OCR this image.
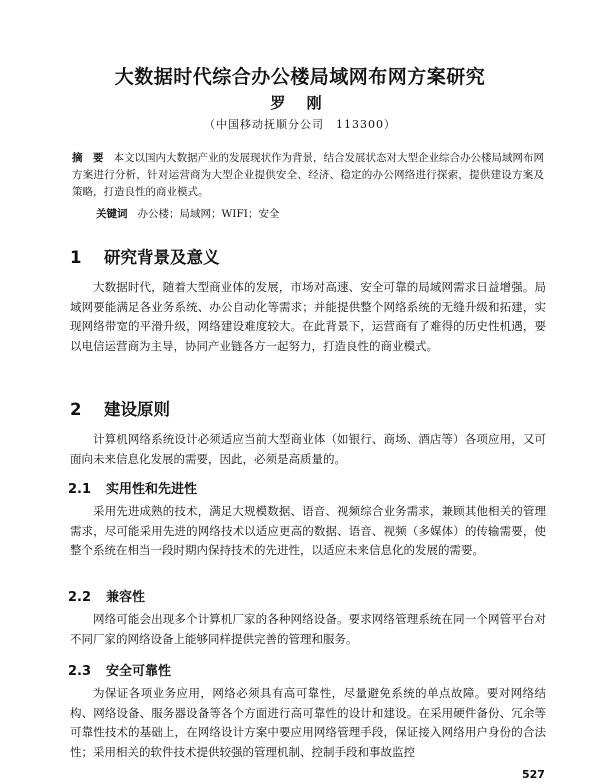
大数据时代综合办公楼局域网布网方案研究
罗 刚
（中国移动抚顺分公司　113300）
摘　要 本文以国内大数据产业的发展现状作为背景，结合发展状态对大型企业综合办公楼局域网布网方案进行分析，针对运营商为大型企业提供安全、经济、稳定的办公网络进行探索，提供建设方案及策略，打造良性的商业模式。
关键词 办公楼；局域网；WIFI；安全
1 研究背景及意义
大数据时代，随着大型商业体的发展，市场对高速、安全可靠的局域网需求日益增强。局域网要能满足各业务系统、办公自动化等需求；并能提供整个网络系统的无缝升级和拓建，实现网络带宽的平滑升级，网络建设难度较大。在此背景下，运营商有了难得的历史性机遇，要以电信运营商为主导，协同产业链各方一起努力，打造良性的商业模式。
2 建设原则
计算机网络系统设计必须适应当前大型商业体（如银行、商场、酒店等）各项应用，又可面向未来信息化发展的需要，因此，必须是高质量的。
2.1 实用性和先进性
采用先进成熟的技术，满足大规模数据、语音、视频综合业务需求，兼顾其他相关的管理需求，尽可能采用先进的网络技术以适应更高的数据、语音、视频（多媒体）的传输需要，使整个系统在相当一段时期内保持技术的先进性，以适应未来信息化的发展的需要。
2.2 兼容性
网络可能会出现多个计算机厂家的各种网络设备。要求网络管理系统在同一个网管平台对不同厂家的网络设备上能够同样提供完善的管理和服务。
2.3 安全可靠性
为保证各项业务应用，网络必须具有高可靠性，尽量避免系统的单点故障。要对网络结构、网络设备、服务器设备等各个方面进行高可靠性的设计和建设。在采用硬件备份、冗余等可靠性技术的基础上，在网络设计方案中要应用网络管理手段，保证接入网络用户身份的合法性；采用相关的软件技术提供较强的管理机制、控制手段和事故监控
527
